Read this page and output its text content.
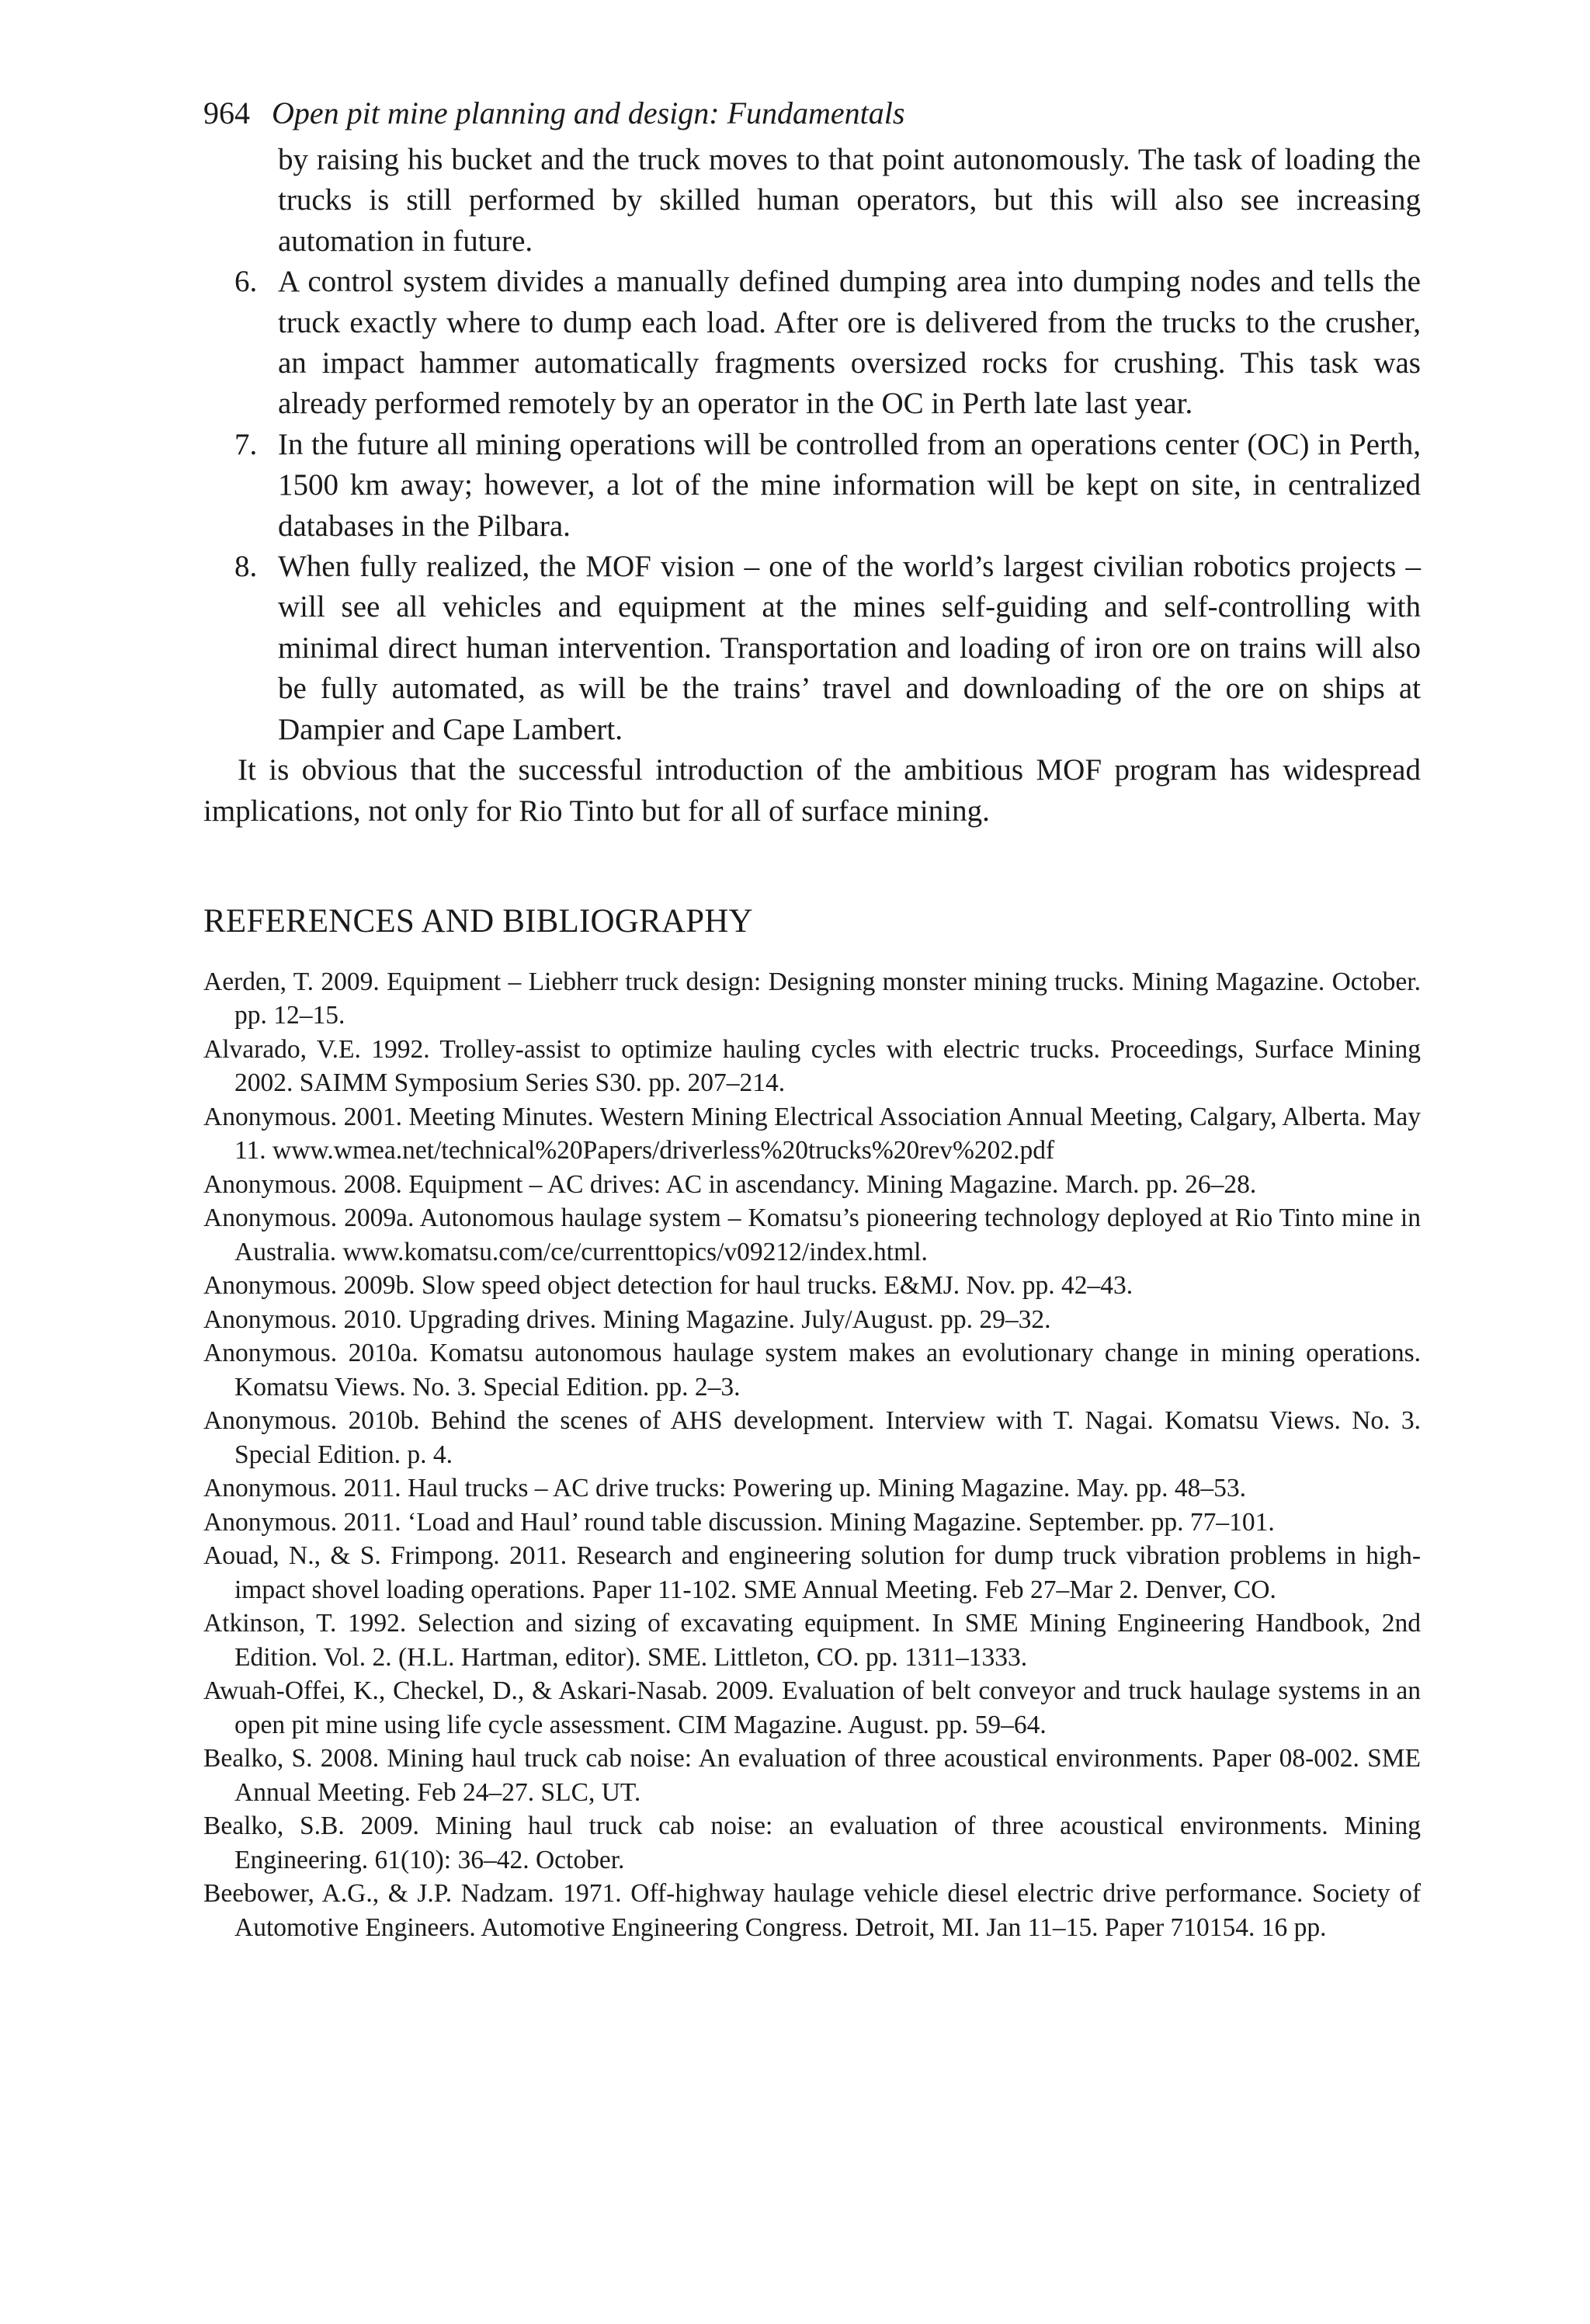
964 Open pit mine planning and design: Fundamentals
by raising his bucket and the truck moves to that point autonomously. The task of loading the trucks is still performed by skilled human operators, but this will also see increasing automation in future.
6. A control system divides a manually defined dumping area into dumping nodes and tells the truck exactly where to dump each load. After ore is delivered from the trucks to the crusher, an impact hammer automatically fragments oversized rocks for crushing. This task was already performed remotely by an operator in the OC in Perth late last year.
7. In the future all mining operations will be controlled from an operations center (OC) in Perth, 1500 km away; however, a lot of the mine information will be kept on site, in centralized databases in the Pilbara.
8. When fully realized, the MOF vision – one of the world’s largest civilian robotics projects – will see all vehicles and equipment at the mines self-guiding and self-controlling with minimal direct human intervention. Transportation and loading of iron ore on trains will also be fully automated, as will be the trains’ travel and downloading of the ore on ships at Dampier and Cape Lambert.

It is obvious that the successful introduction of the ambitious MOF program has widespread implications, not only for Rio Tinto but for all of surface mining.

REFERENCES AND BIBLIOGRAPHY
Aerden, T. 2009. Equipment – Liebherr truck design: Designing monster mining trucks. Mining Magazine. October. pp. 12–15.
Alvarado, V.E. 1992. Trolley-assist to optimize hauling cycles with electric trucks. Proceedings, Surface Mining 2002. SAIMM Symposium Series S30. pp. 207–214.
Anonymous. 2001. Meeting Minutes. Western Mining Electrical Association Annual Meeting, Calgary, Alberta. May 11. www.wmea.net/technical%20Papers/driverless%20trucks%20rev%202.pdf
Anonymous. 2008. Equipment – AC drives: AC in ascendancy. Mining Magazine. March. pp. 26–28.
Anonymous. 2009a. Autonomous haulage system – Komatsu’s pioneering technology deployed at Rio Tinto mine in Australia. www.komatsu.com/ce/currenttopics/v09212/index.html.
Anonymous. 2009b. Slow speed object detection for haul trucks. E&MJ. Nov. pp. 42–43.
Anonymous. 2010. Upgrading drives. Mining Magazine. July/August. pp. 29–32.
Anonymous. 2010a. Komatsu autonomous haulage system makes an evolutionary change in mining operations. Komatsu Views. No. 3. Special Edition. pp. 2–3.
Anonymous. 2010b. Behind the scenes of AHS development. Interview with T. Nagai. Komatsu Views. No. 3. Special Edition. p. 4.
Anonymous. 2011. Haul trucks – AC drive trucks: Powering up. Mining Magazine. May. pp. 48–53.
Anonymous. 2011. ‘Load and Haul’ round table discussion. Mining Magazine. September. pp. 77–101.
Aouad, N., & S. Frimpong. 2011. Research and engineering solution for dump truck vibration problems in high-impact shovel loading operations. Paper 11-102. SME Annual Meeting. Feb 27–Mar 2. Denver, CO.
Atkinson, T. 1992. Selection and sizing of excavating equipment. In SME Mining Engineering Handbook, 2nd Edition. Vol. 2. (H.L. Hartman, editor). SME. Littleton, CO. pp. 1311–1333.
Awuah-Offei, K., Checkel, D., & Askari-Nasab. 2009. Evaluation of belt conveyor and truck haulage systems in an open pit mine using life cycle assessment. CIM Magazine. August. pp. 59–64.
Bealko, S. 2008. Mining haul truck cab noise: An evaluation of three acoustical environments. Paper 08-002. SME Annual Meeting. Feb 24–27. SLC, UT.
Bealko, S.B. 2009. Mining haul truck cab noise: an evaluation of three acoustical environments. Mining Engineering. 61(10): 36–42. October.
Beebower, A.G., & J.P. Nadzam. 1971. Off-highway haulage vehicle diesel electric drive performance. Society of Automotive Engineers. Automotive Engineering Congress. Detroit, MI. Jan 11–15. Paper 710154. 16 pp.
